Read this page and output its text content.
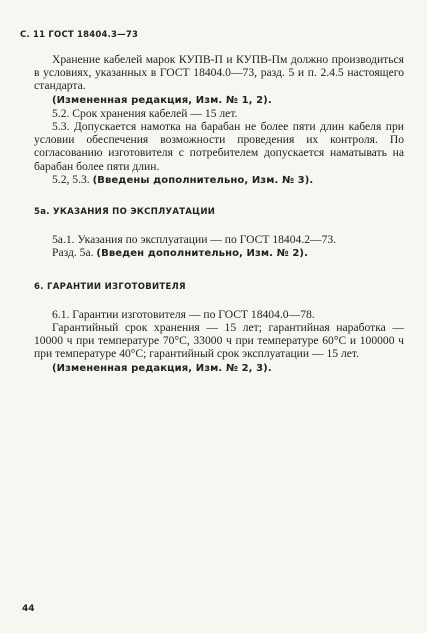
С. 11 ГОСТ 18404.3—73

Хранение кабелей марок КУПВ-П и КУПВ-Пм должно производиться в условиях, указанных в ГОСТ 18404.0—73, разд. 5 и п. 2.4.5 настоящего стандарта.

(Измененная редакция, Изм. № 1, 2).

5.2. Срок хранения кабелей — 15 лет.

5.3. Допускается намотка на барабан не более пяти длин кабеля при условии обеспечения возможности проведения их контроля. По согласованию изготовителя с потребителем допускается наматывать на барабан более пяти длин.

5.2, 5.3. (Введены дополнительно, Изм. № 3).

5а. УКАЗАНИЯ ПО ЭКСПЛУАТАЦИИ

5а.1. Указания по эксплуатации — по ГОСТ 18404.2—73.

Разд. 5а. (Введен дополнительно, Изм. № 2).

6. ГАРАНТИИ ИЗГОТОВИТЕЛЯ

6.1. Гарантии изготовителя — по ГОСТ 18404.0—78.

Гарантийный срок хранения — 15 лет; гарантийная наработка — 10000 ч при температуре 70°С, 33000 ч при температуре 60°С и 100000 ч при температуре 40°С; гарантийный срок эксплуатации — 15 лет.

(Измененная редакция, Изм. № 2, 3).

44
